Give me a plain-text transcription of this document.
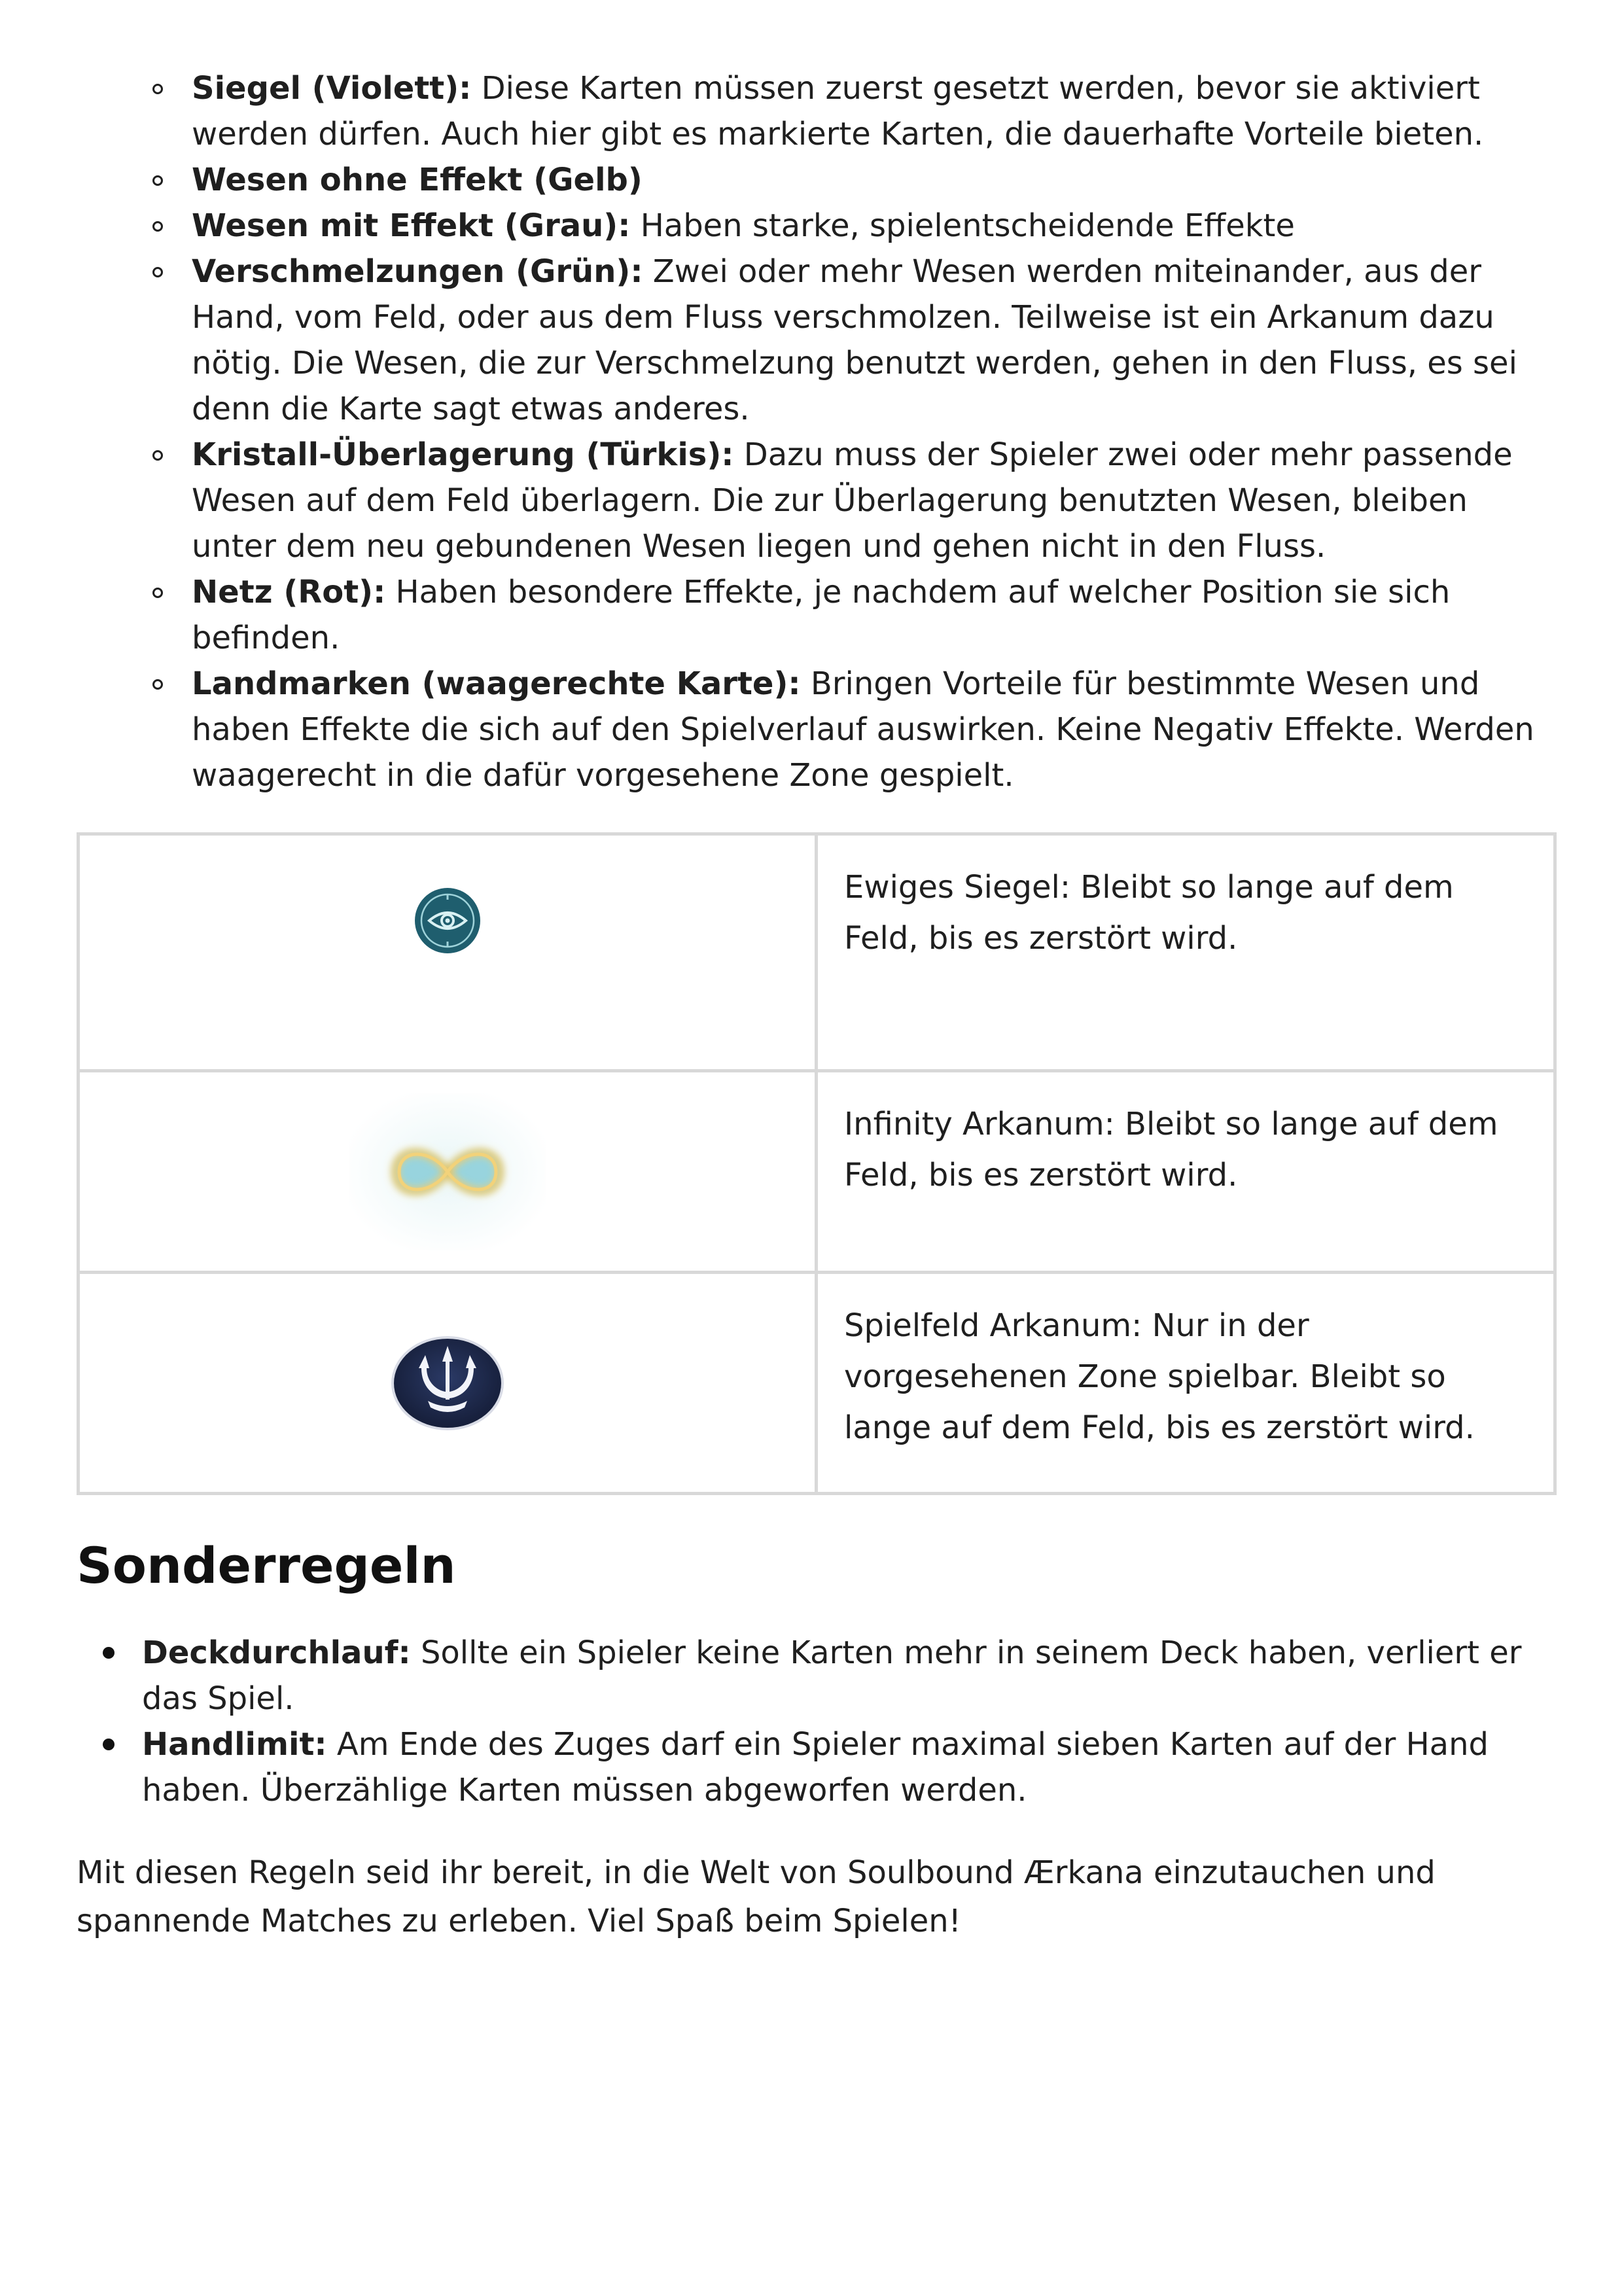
Siegel (Violett): Diese Karten müssen zuerst gesetzt werden, bevor sie aktiviert werden dürfen. Auch hier gibt es markierte Karten, die dauerhafte Vorteile bieten.
Wesen ohne Effekt (Gelb)
Wesen mit Effekt (Grau): Haben starke, spielentscheidende Effekte
Verschmelzungen (Grün): Zwei oder mehr Wesen werden miteinander, aus der Hand, vom Feld, oder aus dem Fluss verschmolzen. Teilweise ist ein Arkanum dazu nötig. Die Wesen, die zur Verschmelzung benutzt werden, gehen in den Fluss, es sei denn die Karte sagt etwas anderes.
Kristall-Überlagerung (Türkis): Dazu muss der Spieler zwei oder mehr passende Wesen auf dem Feld überlagern. Die zur Überlagerung benutzten Wesen, bleiben unter dem neu gebundenen Wesen liegen und gehen nicht in den Fluss.
Netz (Rot): Haben besondere Effekte, je nachdem auf welcher Position sie sich befinden.
Landmarken (waagerechte Karte): Bringen Vorteile für bestimmte Wesen und haben Effekte die sich auf den Spielverlauf auswirken. Keine Negativ Effekte. Werden waagerecht in die dafür vorgesehene Zone gespielt.
	Ewiges Siegel: Bleibt so lange auf dem Feld, bis es zerstört wird.

	Infinity Arkanum: Bleibt so lange auf dem Feld, bis es zerstört wird.

	Spielfeld Arkanum: Nur in der vorgesehenen Zone spielbar. Bleibt so lange auf dem Feld, bis es zerstört wird.
Sonderregeln
Deckdurchlauf: Sollte ein Spieler keine Karten mehr in seinem Deck haben, verliert er das Spiel.
Handlimit: Am Ende des Zuges darf ein Spieler maximal sieben Karten auf der Hand haben. Überzählige Karten müssen abgeworfen werden.

Mit diesen Regeln seid ihr bereit, in die Welt von Soulbound Ærkana einzutauchen und spannende Matches zu erleben. Viel Spaß beim Spielen!
